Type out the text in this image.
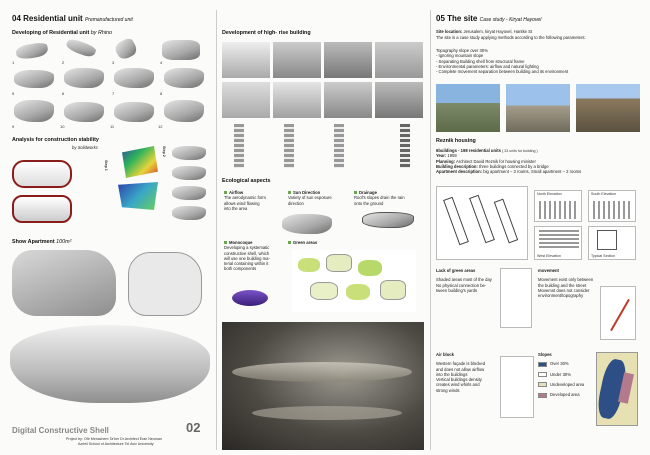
04 Residential unit Premanufactured unit
Developing of Residential unit by Rhino
1	2	3	4
5	6	7	8
9	10	11	12
Analysis for construction stability
by Solidworks
Step 1
Step 2
Show Apartment 100m²
Digital Constructive Shell	02
Project by: Ofir Menachem Ta'ber Dr Architect Eran Neuman
Azrieli School of Architecture Tel Aviv University
Development of high- rise building
Ecological aspects
Airflow
The aerodynamic form
allows wind flowing
into the area
Sun Direction
Variety of sun exposure
direction
Drainage
Roof's slopes drain the rain
onto the ground
Monocoque
Developing a systematic
constructive shell, which
will use one building ma-
terial containing within it
both components
Green areas
05 The site Case study - Kiryat Hayovel
Site location: Jerusalem, kiryat Hayovel, Hantke St
The site is a case study applying methods according to the following parameters:
Topography slope over 30%
- Ignoring mountain slope
- Separating Building shell from structural frame
- Environmental parameters: airflow and natural lighting
- Complete movement separation between building and its environment
Reznik housing
6buildings - 198 residential units ( 33 units for building )
Year: 1959
Planning: Architect David Reznik for housing minister
Building description: three buildings connected by a bridge
Apartment description: big apartment – 3 rooms, Small apartment – 2 rooms
North Elevation	South Elevation
West Elevation	Typical Section
Lack of green areas
Shaded areas most of the day
No physical connection be-
tween building's yards
movement
Movement exist only between
the building and the street
Movemnt does not consider
environment/topography
Air block
Western façade is blocked
and does not allow airflow
into the buildings
Vertical buildings density
creates wind whirls and
strong winds
Slopes
Over 30%
Under 30%
Undeveloped area
Developed area
